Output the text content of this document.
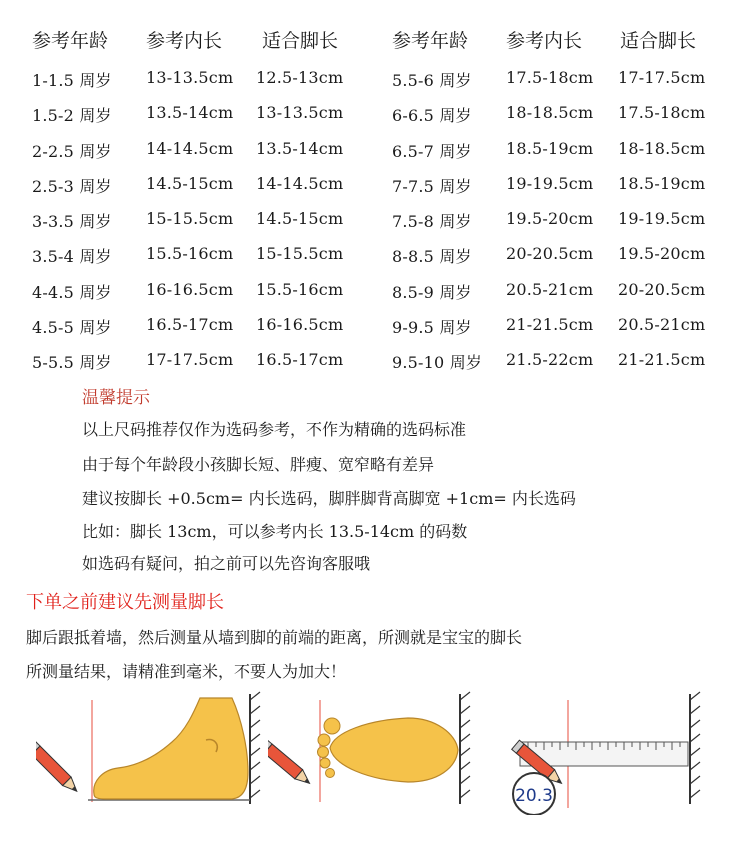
参考年龄 参考内长 适合脚长	参考年龄 参考内长 适合脚长
1-1.5 周岁 13-13.5cm 12.5-13cm	5.5-6 周岁 17.5-18cm 17-17.5cm
1.5-2 周岁 13.5-14cm 13-13.5cm	6-6.5 周岁 18-18.5cm 17.5-18cm
2-2.5 周岁 14-14.5cm 13.5-14cm	6.5-7 周岁 18.5-19cm 18-18.5cm
2.5-3 周岁 14.5-15cm 14-14.5cm	7-7.5 周岁 19-19.5cm 18.5-19cm
3-3.5 周岁 15-15.5cm 14.5-15cm	7.5-8 周岁 19.5-20cm 19-19.5cm
3.5-4 周岁 15.5-16cm 15-15.5cm	8-8.5 周岁 20-20.5cm 19.5-20cm
4-4.5 周岁 16-16.5cm 15.5-16cm	8.5-9 周岁 20.5-21cm 20-20.5cm
4.5-5 周岁 16.5-17cm 16-16.5cm	9-9.5 周岁 21-21.5cm 20.5-21cm
5-5.5 周岁 17-17.5cm 16.5-17cm	9.5-10 周岁 21.5-22cm 21-21.5cm
温馨提示
以上尺码推荐仅作为选码参考，不作为精确的选码标准
由于每个年龄段小孩脚长短、胖瘦、宽窄略有差异
建议按脚长 +0.5cm= 内长选码，脚胖脚背高脚宽 +1cm= 内长选码
比如：脚长 13cm，可以参考内长 13.5-14cm 的码数
如选码有疑问，拍之前可以先咨询客服哦
下单之前建议先测量脚长
脚后跟抵着墙，然后测量从墙到脚的前端的距离，所测就是宝宝的脚长
所测量结果，请精准到毫米，不要人为加大！
20.3
